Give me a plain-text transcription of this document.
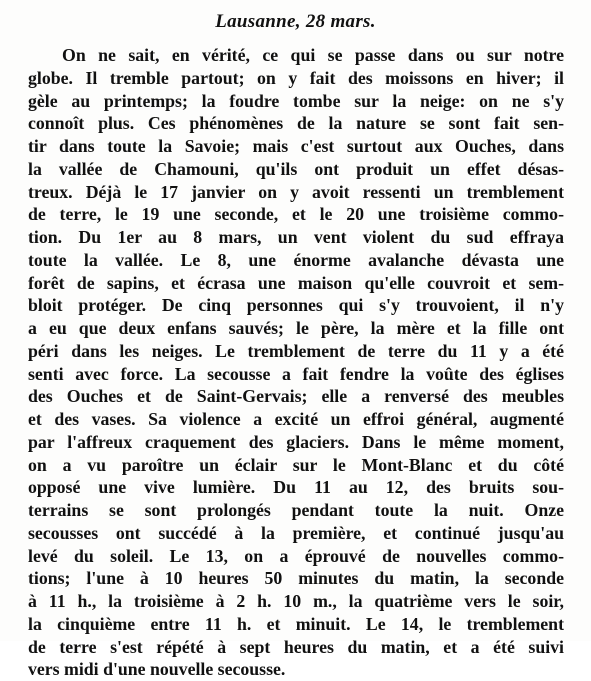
Lausanne, 28 mars.
On ne sait, en vérité, ce qui se passe dans ou sur notre
globe. Il tremble partout; on y fait des moissons en hiver; il
gèle au printemps; la foudre tombe sur la neige: on ne s'y
connoît plus. Ces phénomènes de la nature se sont fait sen-
tir dans toute la Savoie; mais c'est surtout aux Ouches, dans
la vallée de Chamouni, qu'ils ont produit un effet désas-
treux. Déjà le 17 janvier on y avoit ressenti un tremblement
de terre, le 19 une seconde, et le 20 une troisième commo-
tion. Du 1er au 8 mars, un vent violent du sud effraya
toute la vallée. Le 8, une énorme avalanche dévasta une
forêt de sapins, et écrasa une maison qu'elle couvroit et sem-
bloit protéger. De cinq personnes qui s'y trouvoient, il n'y
a eu que deux enfans sauvés; le père, la mère et la fille ont
péri dans les neiges. Le tremblement de terre du 11 y a été
senti avec force. La secousse a fait fendre la voûte des églises
des Ouches et de Saint-Gervais; elle a renversé des meubles
et des vases. Sa violence a excité un effroi général, augmenté
par l'affreux craquement des glaciers. Dans le même moment,
on a vu paroître un éclair sur le Mont-Blanc et du côté
opposé une vive lumière. Du 11 au 12, des bruits sou-
terrains se sont prolongés pendant toute la nuit. Onze
secousses ont succédé à la première, et continué jusqu'au
levé du soleil. Le 13, on a éprouvé de nouvelles commo-
tions; l'une à 10 heures 50 minutes du matin, la seconde
à 11 h., la troisième à 2 h. 10 m., la quatrième vers le soir,
la cinquième entre 11 h. et minuit. Le 14, le tremblement
de terre s'est répété à sept heures du matin, et a été suivi
vers midi d'une nouvelle secousse.
